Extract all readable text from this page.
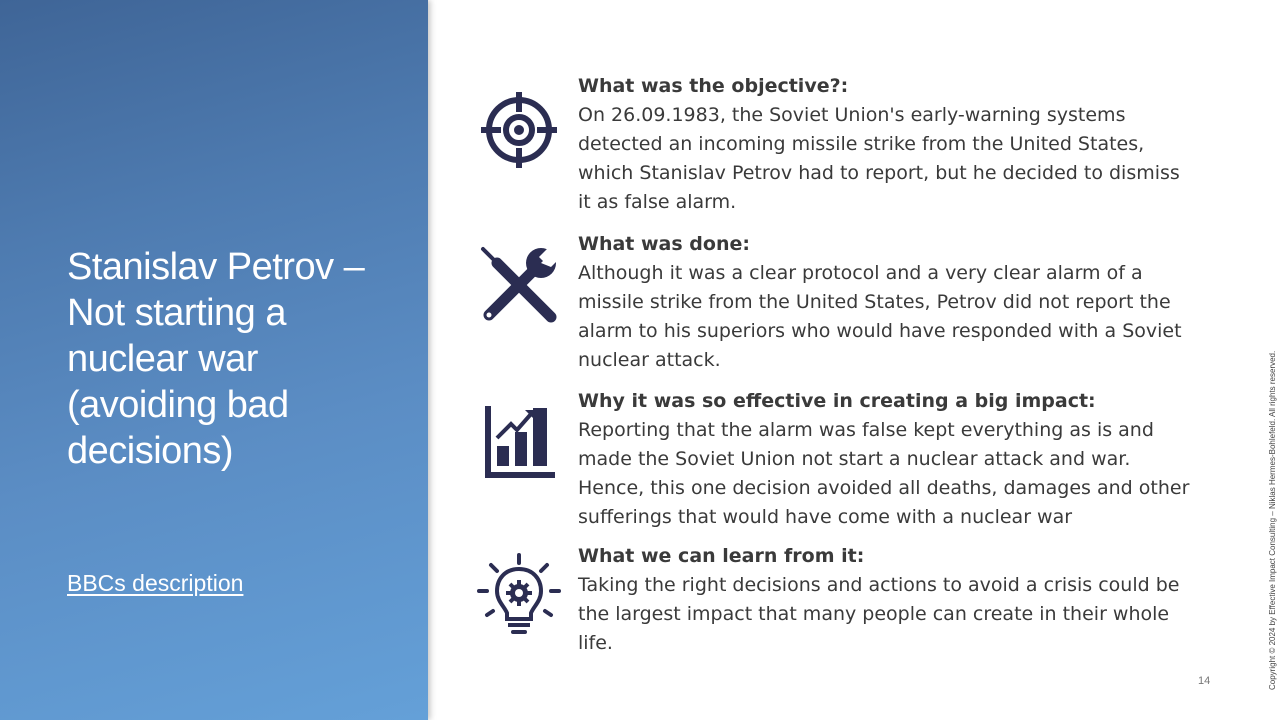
Stanislav Petrov –
Not starting a nuclear war (avoiding bad decisions)
BBCs description
What was the objective?:
On 26.09.1983, the Soviet Union's early-warning systems detected an incoming missile strike from the United States, which Stanislav Petrov had to report, but he decided to dismiss it as false alarm.
What was done:
Although it was a clear protocol and a very clear alarm of a missile strike from the United States, Petrov did not report the alarm to his superiors who would have responded with a Soviet nuclear attack.
Why it was so effective in creating a big impact:
Reporting that the alarm was false kept everything as is and made the Soviet Union not start a nuclear attack and war. Hence, this one decision avoided all deaths, damages and other sufferings that would have come with a nuclear war
What we can learn from it:
Taking the right decisions and actions to avoid a crisis could be the largest impact that many people can create in their whole life.	Copyright © 2024 by Effective Impact Consulting – Niklas Hermes-Bohlefeld. All rights reserved.
14
